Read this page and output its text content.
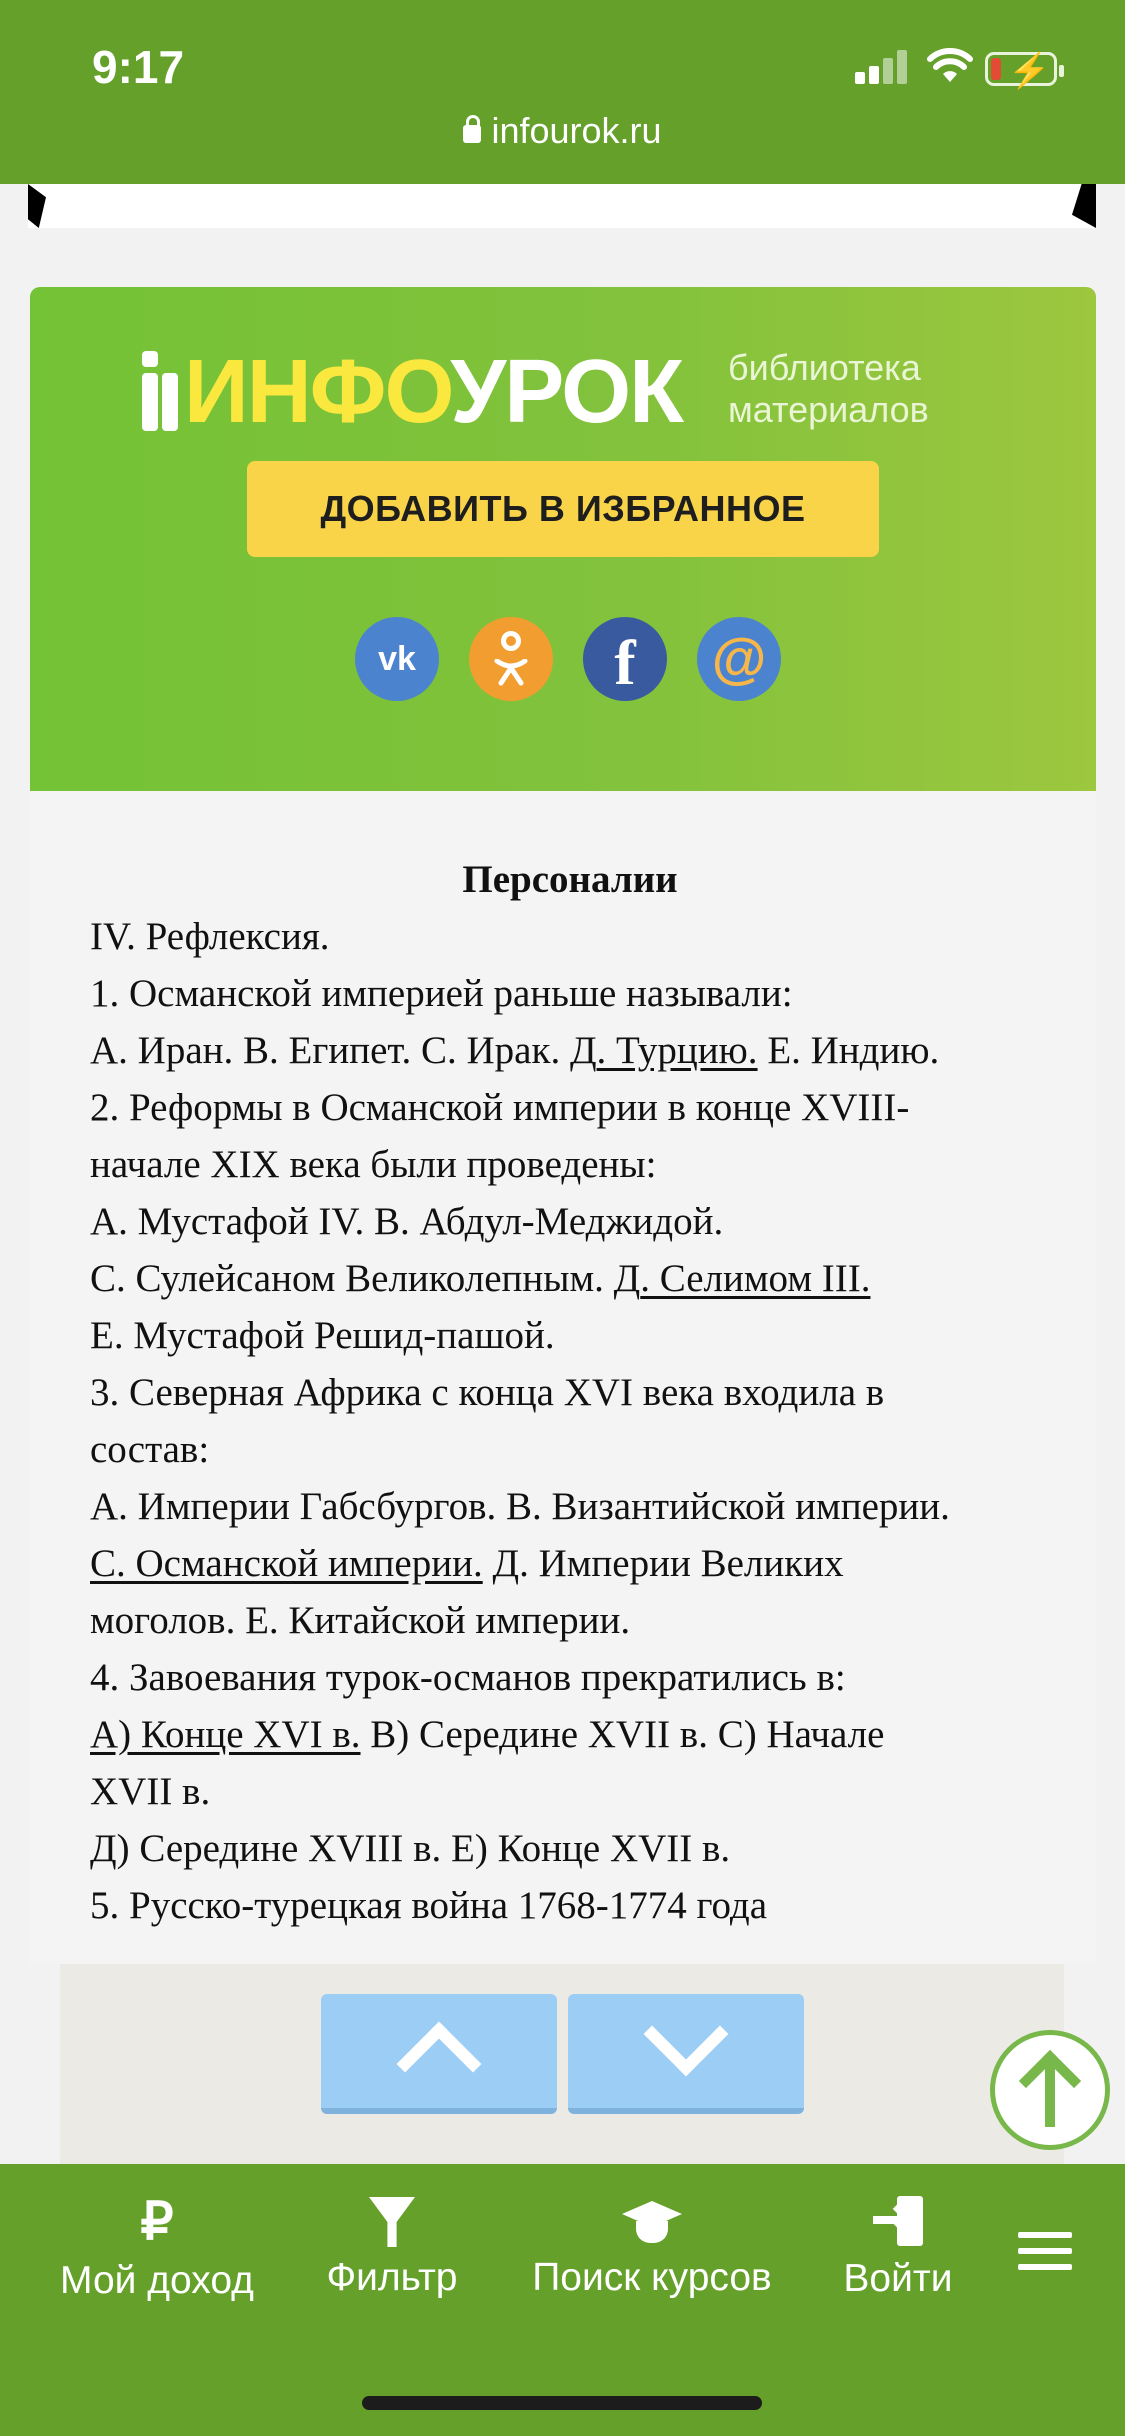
9:17	⚡
infourok.ru
ИНФОУРОК библиотека
материалов
ДОБАВИТЬ В ИЗБРАННОЕ
vk	f	@
Персоналии
IV. Рефлексия.
1. Османской империей раньше называли:
А. Иран. В. Египет. С. Ирак. Д. Турцию. Е. Индию.
2. Реформы в Османской империи в конце XVIII-
начале XIX века были проведены:
А. Мустафой IV. В. Абдул-Меджидой.
С. Сулейсаном Великолепным. Д. Селимом III.
Е. Мустафой Решид-пашой.
3. Северная Африка с конца XVI века входила в
состав:
А. Империи Габсбургов. В. Византийской империи.
С. Османской империи. Д. Империи Великих
моголов. Е. Китайской империи.
4. Завоевания турок-османов прекратились в:
А) Конце XVI в. В) Середине XVII в. С) Начале
XVII в.
Д) Середине XVIII в. Е) Конце XVII в.
5. Русско-турецкая война 1768-1774 года
₽
Мой доход Фильтр Поиск курсов Войти
